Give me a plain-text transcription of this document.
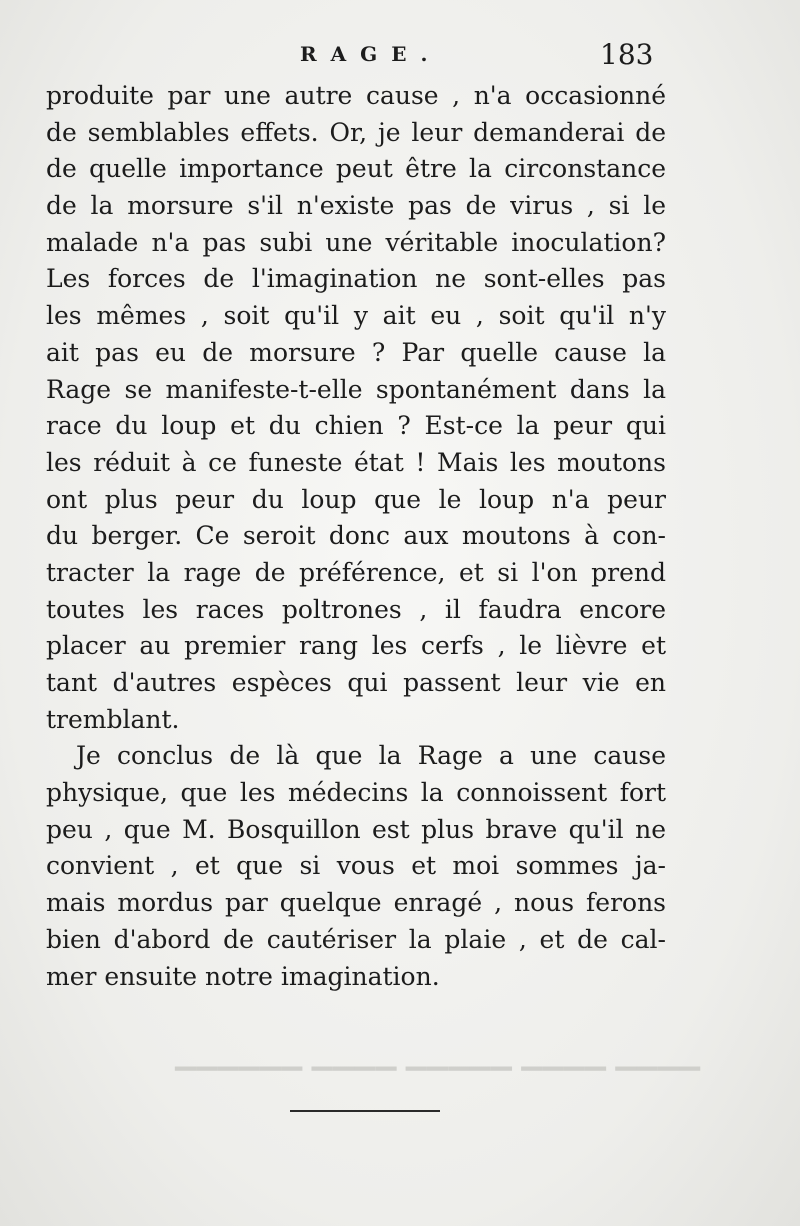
▁▁▁▁ ▁▁▁▁ ▁▁▁▁▁ ▁▁▁▁ ▁▁▁▁▁▁
RAGE.	183
produite par une autre cause , n'a occasionné
de semblables effets. Or, je leur demanderai de
de quelle importance peut être la circonstance
de la morsure s'il n'existe pas de virus , si le
malade n'a pas subi une véritable inoculation?
Les forces de l'imagination ne sont-elles pas
les mêmes , soit qu'il y ait eu , soit qu'il n'y
ait pas eu de morsure ? Par quelle cause la
Rage se manifeste-t-elle spontanément dans la
race du loup et du chien ? Est-ce la peur qui
les réduit à ce funeste état ! Mais les moutons
ont plus peur du loup que le loup n'a peur
du berger. Ce seroit donc aux moutons à con-
tracter la rage de préférence, et si l'on prend
toutes les races poltrones , il faudra encore
placer au premier rang les cerfs , le lièvre et
tant d'autres espèces qui passent leur vie en
tremblant.
Je conclus de là que la Rage a une cause
physique, que les médecins la connoissent fort
peu , que M. Bosquillon est plus brave qu'il ne
convient , et que si vous et moi sommes ja-
mais mordus par quelque enragé , nous ferons
bien d'abord de cautériser la plaie , et de cal-
mer ensuite notre imagination.
